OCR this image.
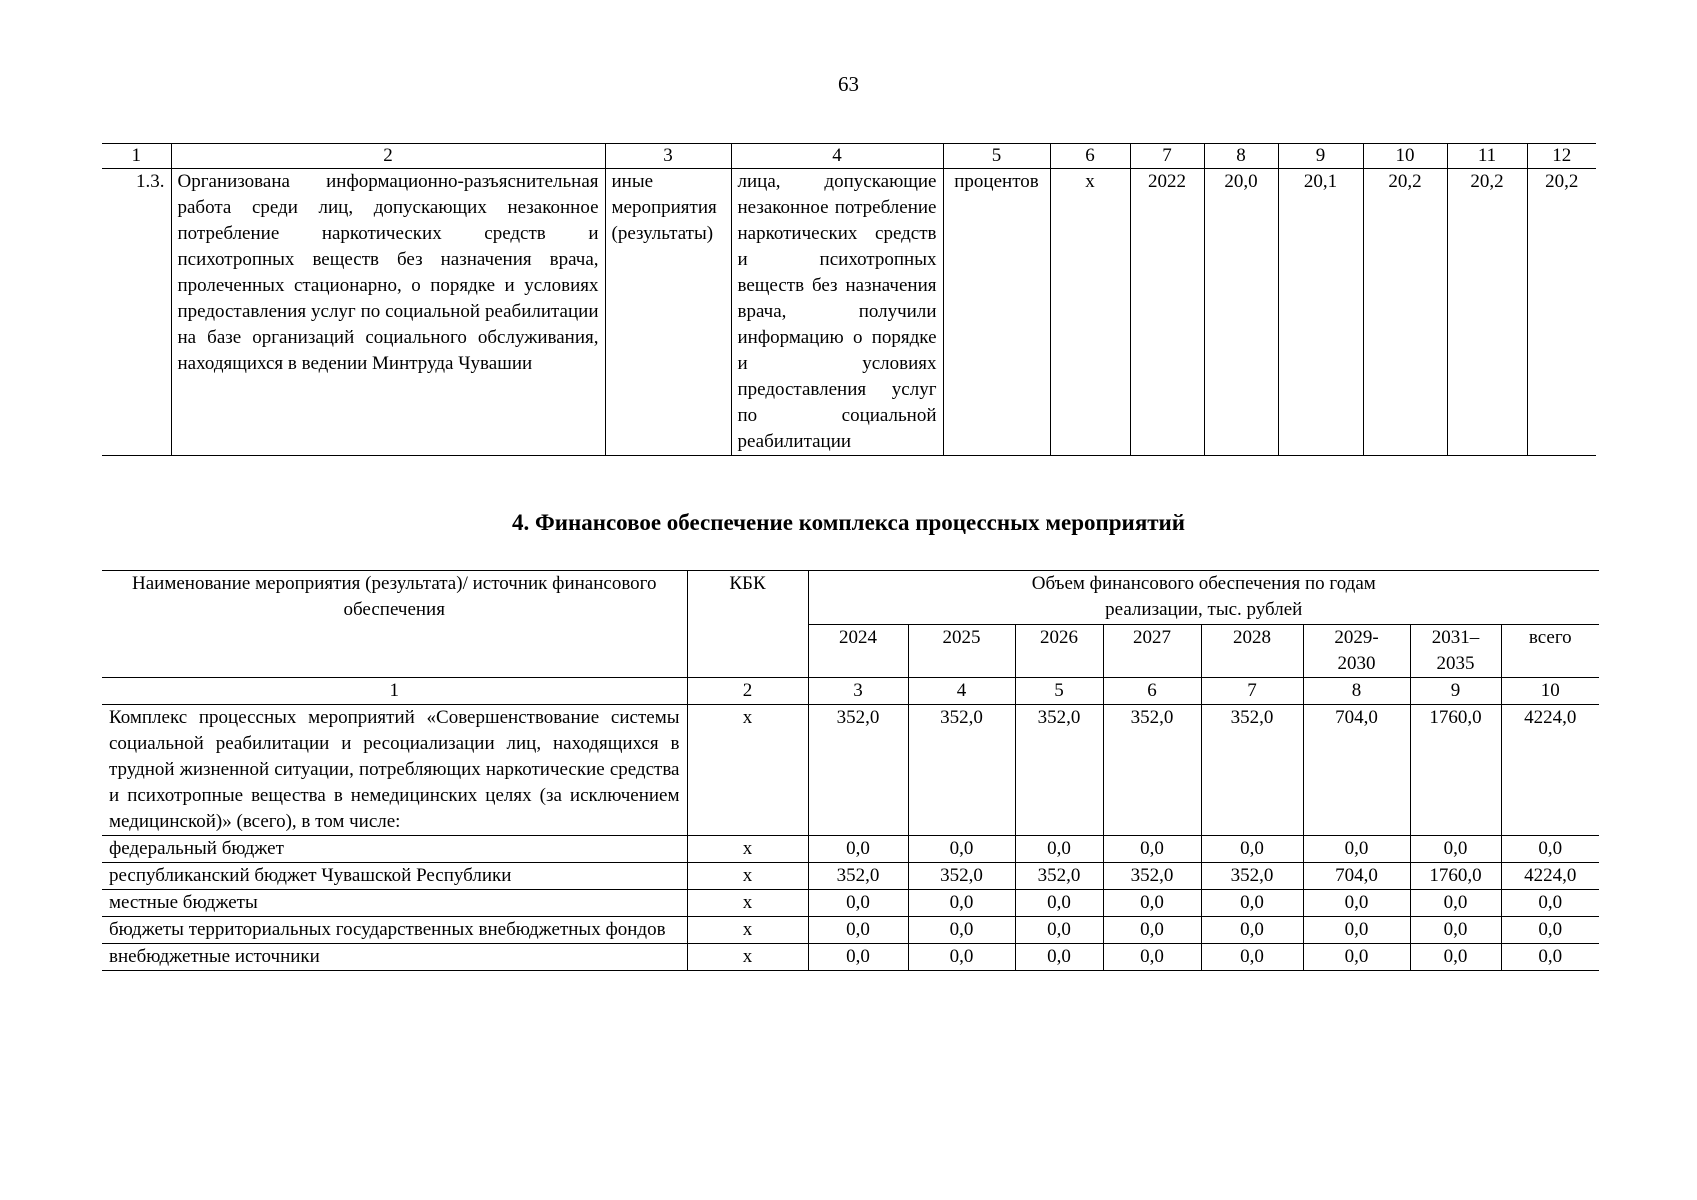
63
1	2	3	4	5	6	7	8	9	10	11	12
1.3.	Организована информационно-разъяснительная работа среди лиц, допускающих незаконное потребление наркотических средств и психотропных веществ без назначения врача, пролеченных стационарно, о порядке и условиях предоставления услуг по социальной реабилитации на базе организаций социального обслуживания, находящихся в ведении Минтруда Чувашии	иные мероприятия (результаты)	лица, допускающие незаконное потребление наркотических средств и психотропных веществ без назначения врача, получили информацию о порядке и условиях предоставления услуг по социальной реабилитации	процентов	х	2022	20,0	20,1	20,2	20,2	20,2
4. Финансовое обеспечение комплекса процессных мероприятий
Наименование мероприятия (результата)/ источник финансового обеспечения	КБК	Объем финансового обеспечения по годам реализации, тыс. рублей							
		2024	2025	2026	2027	2028	2029-2030	2031–2035	всего
1	2	3	4	5	6	7	8	9	10
Комплекс процессных мероприятий «Совершенствование системы социальной реабилитации и ресоциализации лиц, находящихся в трудной жизненной ситуации, потребляющих наркотические средства и психотропные вещества в немедицинских целях (за исключением медицинской)» (всего), в том числе:	х	352,0	352,0	352,0	352,0	352,0	704,0	1760,0	4224,0
федеральный бюджет	х	0,0	0,0	0,0	0,0	0,0	0,0	0,0	0,0
республиканский бюджет Чувашской Республики	х	352,0	352,0	352,0	352,0	352,0	704,0	1760,0	4224,0
местные бюджеты	х	0,0	0,0	0,0	0,0	0,0	0,0	0,0	0,0
бюджеты территориальных государственных внебюджетных фондов	х	0,0	0,0	0,0	0,0	0,0	0,0	0,0	0,0
внебюджетные источники	х	0,0	0,0	0,0	0,0	0,0	0,0	0,0	0,0
